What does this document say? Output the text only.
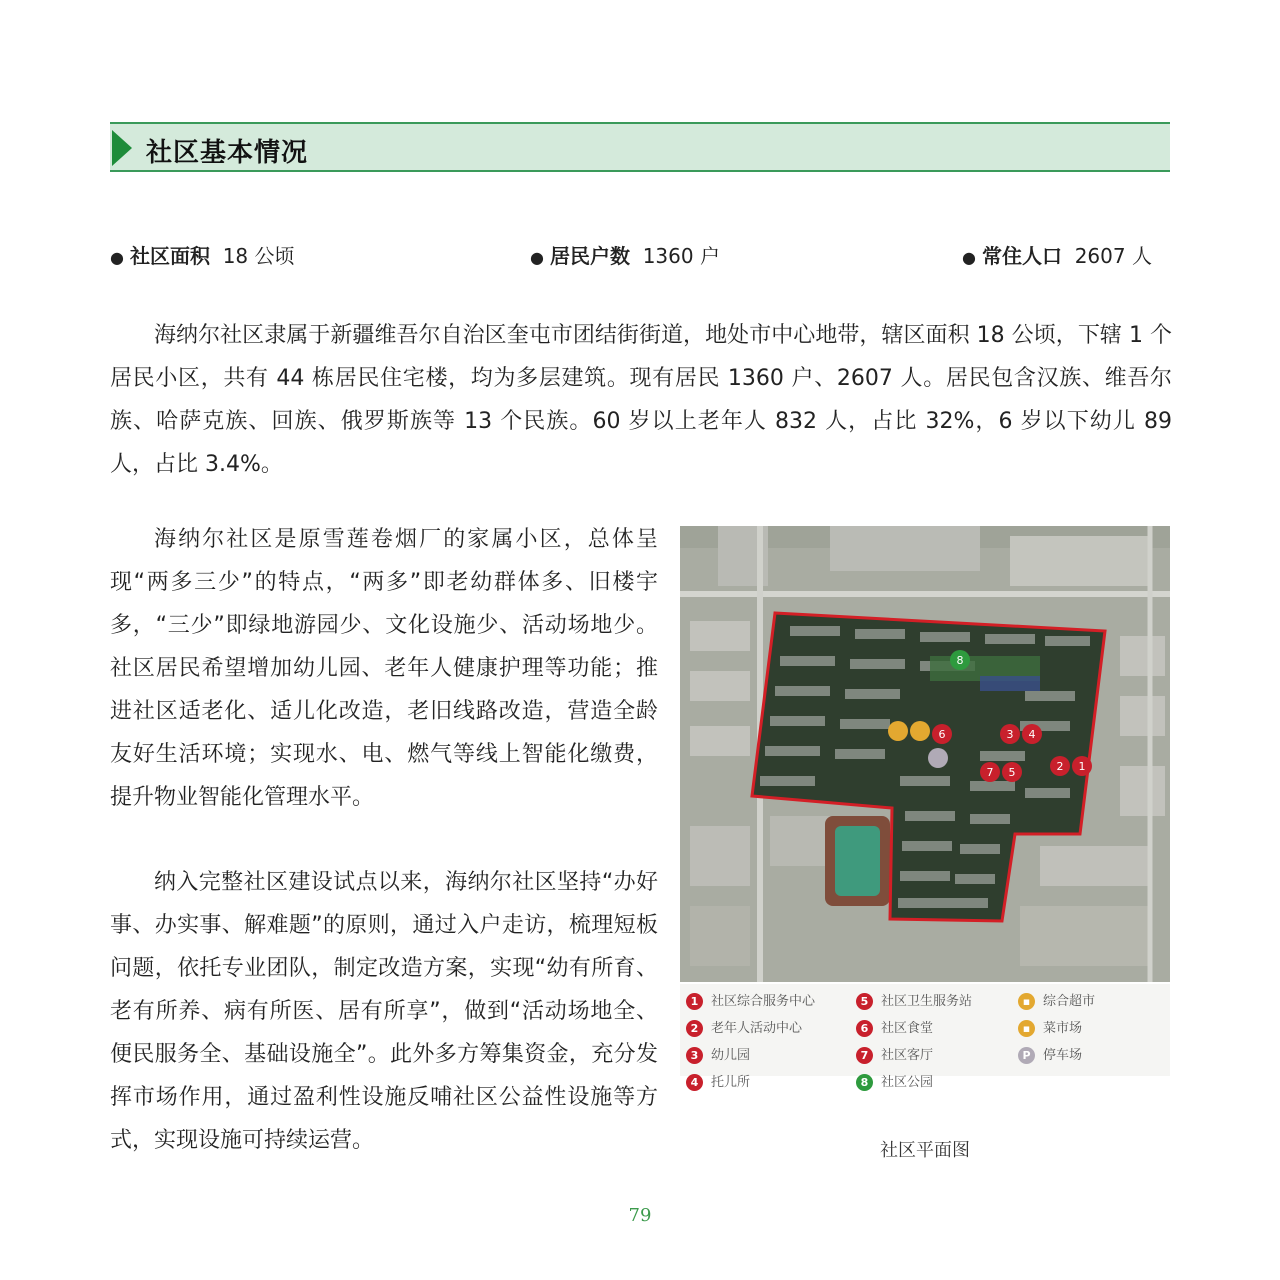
社区基本情况
● 社区面积 18 公顷	● 居民户数 1360 户	● 常住人口 2607 人

海纳尔社区隶属于新疆维吾尔自治区奎屯市团结街街道，地处市中心地带，辖区面积 18 公顷，下辖 1 个居民小区，共有 44 栋居民住宅楼，均为多层建筑。现有居民 1360 户、2607 人。居民包含汉族、维吾尔族、哈萨克族、回族、俄罗斯族等 13 个民族。60 岁以上老年人 832 人，占比 32%，6 岁以下幼儿 89 人，占比 3.4%。

海纳尔社区是原雪莲卷烟厂的家属小区，总体呈现“两多三少”的特点，“两多”即老幼群体多、旧楼宇多，“三少”即绿地游园少、文化设施少、活动场地少。社区居民希望增加幼儿园、老年人健康护理等功能；推进社区适老化、适儿化改造，老旧线路改造，营造全龄友好生活环境；实现水、电、燃气等线上智能化缴费，提升物业智能化管理水平。

纳入完整社区建设试点以来，海纳尔社区坚持“办好事、办实事、解难题”的原则，通过入户走访，梳理短板问题，依托专业团队，制定改造方案，实现“幼有所育、老有所养、病有所医、居有所享”，做到“活动场地全、便民服务全、基础设施全”。此外多方筹集资金，充分发挥市场作用，通过盈利性设施反哺社区公益性设施等方式，实现设施可持续运营。

8
6	3 4
7 5	2 1
1 社区综合服务中心
2 老年人活动中心
3 幼儿园
4 托儿所
5 社区卫生服务站
6 社区食堂
7 社区客厅
8 社区公园
▪ 综合超市
▪ 菜市场
P 停车场
社区平面图
79
